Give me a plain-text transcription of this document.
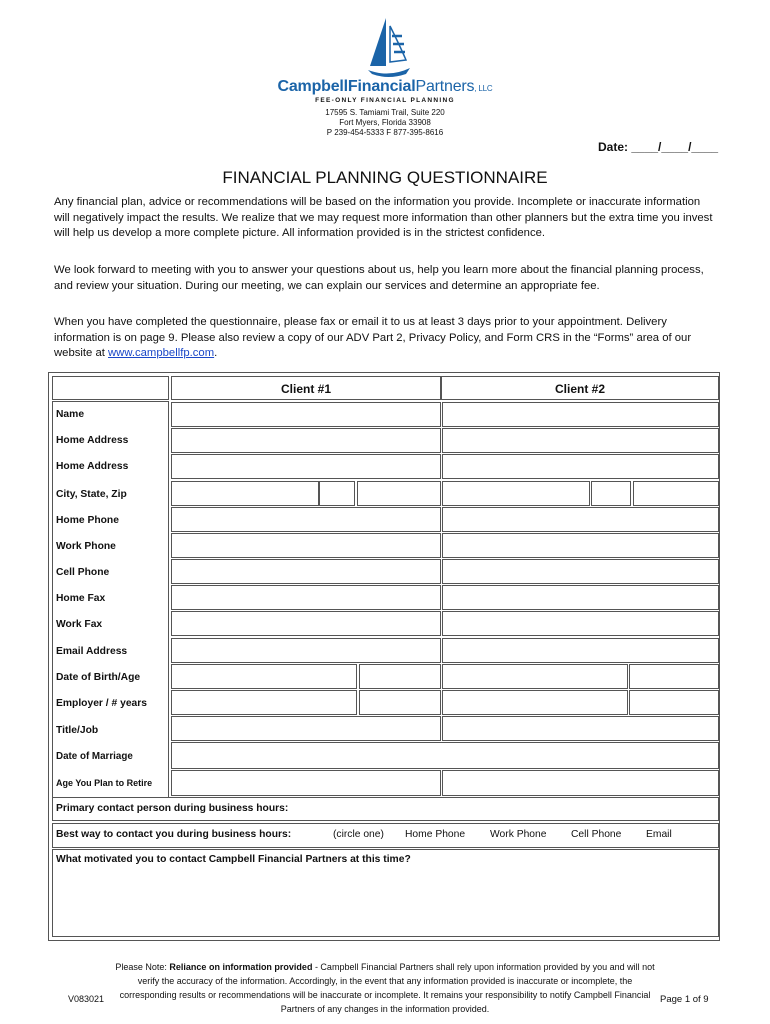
CampbellFinancialPartners, LLC
FEE-ONLY FINANCIAL PLANNING
17595 S. Tamiami Trail, Suite 220
Fort Myers, Florida 33908
P 239-454-5333 F 877-395-8616
Date: ____/____/____
FINANCIAL PLANNING QUESTIONNAIRE
Any financial plan, advice or recommendations will be based on the information you provide. Incomplete or inaccurate information will negatively impact the results. We realize that we may request more information than other planners but the extra time you invest will help us develop a more complete picture. All information provided is in the strictest confidence.
We look forward to meeting with you to answer your questions about us, help you learn more about the financial planning process, and review your situation. During our meeting, we can explain our services and determine an appropriate fee.
When you have completed the questionnaire, please fax or email it to us at least 3 days prior to your appointment. Delivery information is on page 9. Please also review a copy of our ADV Part 2, Privacy Policy, and Form CRS in the “Forms” area of our website at www.campbellfp.com.
Client #1	Client #2
Name
Home Address
Home Address
City, State, Zip
Home Phone
Work Phone
Cell Phone
Home Fax
Work Fax
Email Address
Date of Birth/Age
Employer / # years
Title/Job
Date of Marriage
Age You Plan to Retire
Primary contact person during business hours:
Best way to contact you during business hours:	(circle one) Home Phone Work Phone Cell Phone Email
What motivated you to contact Campbell Financial Partners at this time?
Please Note: Reliance on information provided - Campbell Financial Partners shall rely upon information provided by you and will not verify the accuracy of the information. Accordingly, in the event that any information provided is inaccurate or incomplete, the corresponding results or recommendations will be inaccurate or incomplete. It remains your responsibility to notify Campbell Financial Partners of any changes in the information provided.
V083021	Page 1 of 9
